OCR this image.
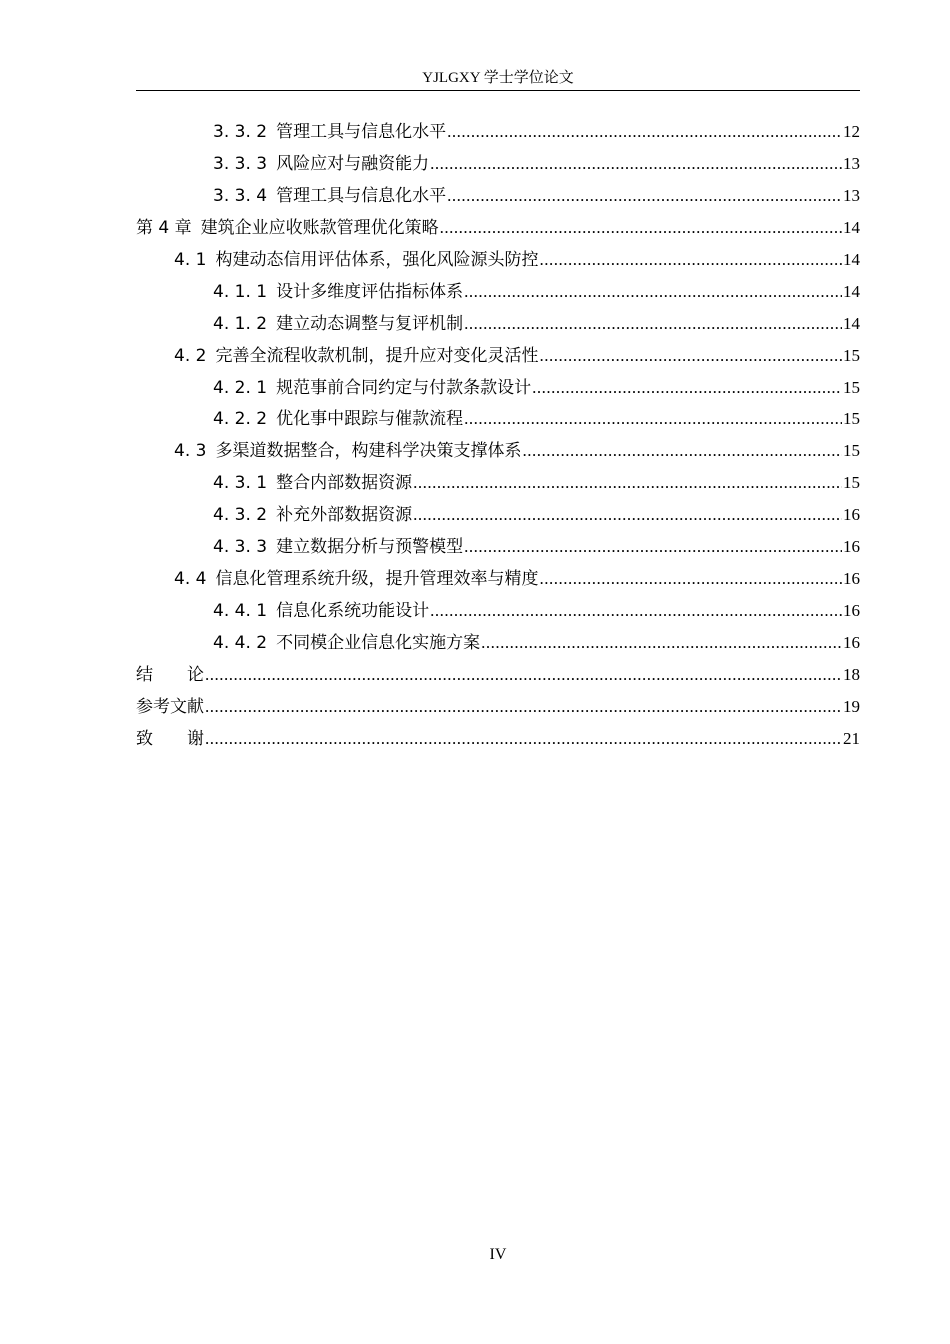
YJLGXY 学士学位论文
3. 3. 2 管理工具与信息化水平 .....	12
3. 3. 3 风险应对与融资能力 .....	13
3. 3. 4 管理工具与信息化水平 .....	13
第 4 章 建筑企业应收账款管理优化策略 .....	14
4. 1 构建动态信用评估体系，强化风险源头防控 .....	14
4. 1. 1 设计多维度评估指标体系 .....	14
4. 1. 2 建立动态调整与复评机制 .....	14
4. 2 完善全流程收款机制，提升应对变化灵活性 .....	15
4. 2. 1 规范事前合同约定与付款条款设计 .....	15
4. 2. 2 优化事中跟踪与催款流程 .....	15
4. 3 多渠道数据整合，构建科学决策支撑体系 .....	15
4. 3. 1 整合内部数据资源 .....	15
4. 3. 2 补充外部数据资源 .....	16
4. 3. 3 建立数据分析与预警模型 .....	16
4. 4 信息化管理系统升级，提升管理效率与精度 .....	16
4. 4. 1 信息化系统功能设计 .....	16
4. 4. 2 不同模企业信息化实施方案 .....	16
结　　论 .....	18
参考文献 .....	19
致　　谢 .....	21
IV
